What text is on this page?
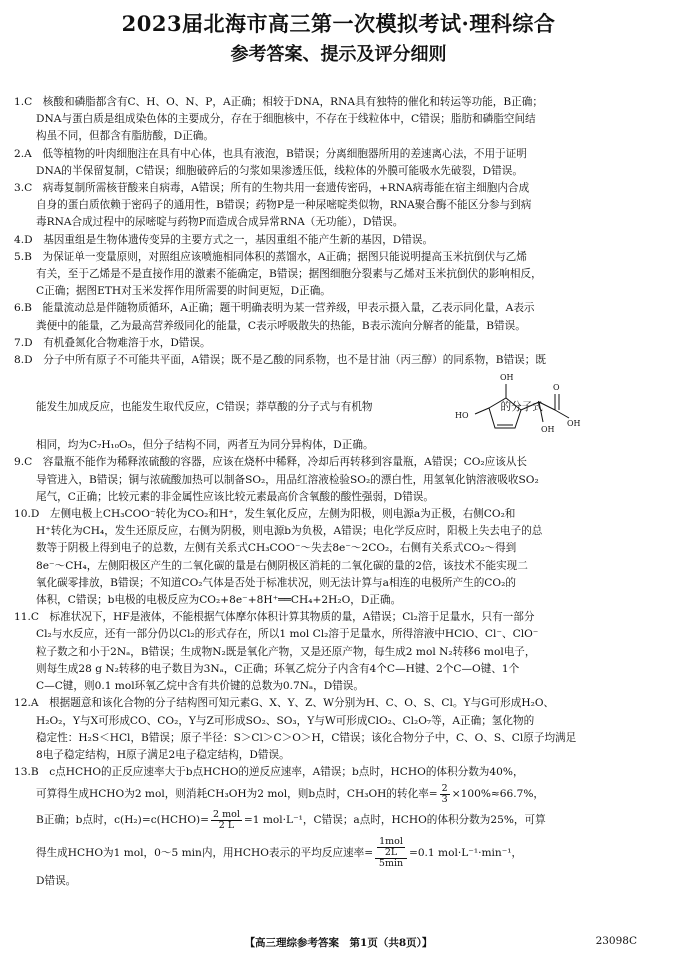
2023届北海市高三第一次模拟考试·理科综合
参考答案、提示及评分细则
1.C　核酸和磷脂都含有C、H、O、N、P，A正确；相较于DNA，RNA具有独特的催化和转运等功能，B正确；
DNA与蛋白质是组成染色体的主要成分，存在于细胞核中，不存在于线粒体中，C错误；脂肪和磷脂空间结
构虽不同，但都含有脂肪酸，D正确。
2.A　低等植物的叶肉细胞注在具有中心体，也具有液泡，B错误；分离细胞器所用的差速离心法，不用于证明
DNA的半保留复制，C错误；细胞破碎后的匀浆如果渗透压低，线粒体的外膜可能吸水先破裂，D错误。
3.C　病毒复制所需核苷酸来自病毒，A错误；所有的生物共用一套遗传密码，+RNA病毒能在宿主细胞内合成
自身的蛋白质依赖于密码子的通用性，B错误；药物P是一种尿嘧啶类似物，RNA聚合酶不能区分参与到病
毒RNA合成过程中的尿嘧啶与药物P而造成合成异常RNA（无功能），D错误。
4.D　基因重组是生物体遗传变异的主要方式之一，基因重组不能产生新的基因，D错误。
5.B　为保证单一变量原则，对照组应该喷施相同体积的蒸馏水，A正确；据图只能说明提高玉米抗倒伏与乙烯
有关，至于乙烯是不是直接作用的激素不能确定，B错误；据图细胞分裂素与乙烯对玉米抗倒伏的影响相反，
C正确；据图ETH对玉米发挥作用所需要的时间更短，D正确。
6.B　能量流动总是伴随物质循环，A正确；题干明确表明为某一营养级，甲表示摄入量，乙表示同化量，A表示
粪便中的能量，乙为最高营养级同化的能量，C表示呼吸散失的热能，B表示流向分解者的能量，B错误。
7.D　有机叠氮化合物难溶于水，D错误。
8.D　分子中所有原子不可能共平面，A错误；既不是乙酸的同系物，也不是甘油（丙三醇）的同系物，B错误；既
能发生加成反应，也能发生取代反应，C错误；莽草酸的分子式与有机物	的分子式
相同，均为C₇H₁₀O₅，但分子结构不同，两者互为同分异构体，D正确。
9.C　容量瓶不能作为稀释浓硫酸的容器，应该在烧杯中稀释，冷却后再转移到容量瓶，A错误；CO₂应该从长
导管进入，B错误；铜与浓硫酸加热可以制备SO₂，用品红溶液检验SO₂的漂白性，用氢氧化钠溶液吸收SO₂
尾气，C正确；比较元素的非金属性应该比较元素最高价含氧酸的酸性强弱，D错误。
10.D　左侧电极上CH₃COO⁻转化为CO₂和H⁺，发生氧化反应，左侧为阳极，则电源a为正极，右侧CO₂和
H⁺转化为CH₄，发生还原反应，右侧为阴极，则电源b为负极，A错误；电化学反应时，阳极上失去电子的总
数等于阴极上得到电子的总数，左侧有关系式CH₃COO⁻～失去8e⁻～2CO₂，右侧有关系式CO₂～得到
8e⁻～CH₄，左侧阳极区产生的二氧化碳的量是右侧阴极区消耗的二氧化碳的量的2倍，该技术不能实现二
氧化碳零排放，B错误；不知道CO₂气体是否处于标准状况，则无法计算与a相连的电极所产生的CO₂的
体积，C错误；b电极的电极反应为CO₂+8e⁻+8H⁺══CH₄+2H₂O，D正确。
11.C　标准状况下，HF是液体，不能根据气体摩尔体积计算其物质的量，A错误；Cl₂溶于足量水，只有一部分
Cl₂与水反应，还有一部分仍以Cl₂的形式存在，所以1 mol Cl₂溶于足量水，所得溶液中HClO、Cl⁻、ClO⁻
粒子数之和小于2Nₐ，B错误；生成物N₂既是氧化产物，又是还原产物，每生成2 mol N₂转移6 mol电子，
则每生成28 g N₂转移的电子数目为3Nₐ，C正确；环氧乙烷分子内含有4个C—H键、2个C—O键、1个
C—C键，则0.1 mol环氧乙烷中含有共价键的总数为0.7Nₐ，D错误。
12.A　根据题意和该化合物的分子结构图可知元素G、X、Y、Z、W分别为H、C、O、S、Cl。Y与G可形成H₂O、
H₂O₂，Y与X可形成CO、CO₂，Y与Z可形成SO₂、SO₃，Y与W可形成ClO₂、Cl₂O₇等，A正确；氢化物的
稳定性：H₂S＜HCl，B错误；原子半径：S＞Cl＞C＞O＞H，C错误；该化合物分子中，C、O、S、Cl原子均满足
8电子稳定结构，H原子满足2电子稳定结构，D错误。
13.B　c点HCHO的正反应速率大于b点HCHO的逆反应速率，A错误；b点时，HCHO的体积分数为40%，
可算得生成HCHO为2 mol，则消耗CH₃OH为2 mol，则b点时，CH₃OH的转化率= $\frac{2}{3} \times 100\%\approx 66.7\%$，
B正确；b点时，c(H₂)=c(HCHO)= $\frac{\text{2 mol}}{2 L} =1$ mol·L⁻¹，C错误；a点时，HCHO的体积分数为25%，可算
得生成HCHO为1 mol，0～5 min内，用HCHO表示的平均反应速率= $\frac{\frac{\text{1mol}}{2L}}{5\min} =0.1$ mol·L⁻¹·min⁻¹，
D错误。
OH
HO
O
OH
OH
【高三理综参考答案　第1页（共8页）】	23098C
